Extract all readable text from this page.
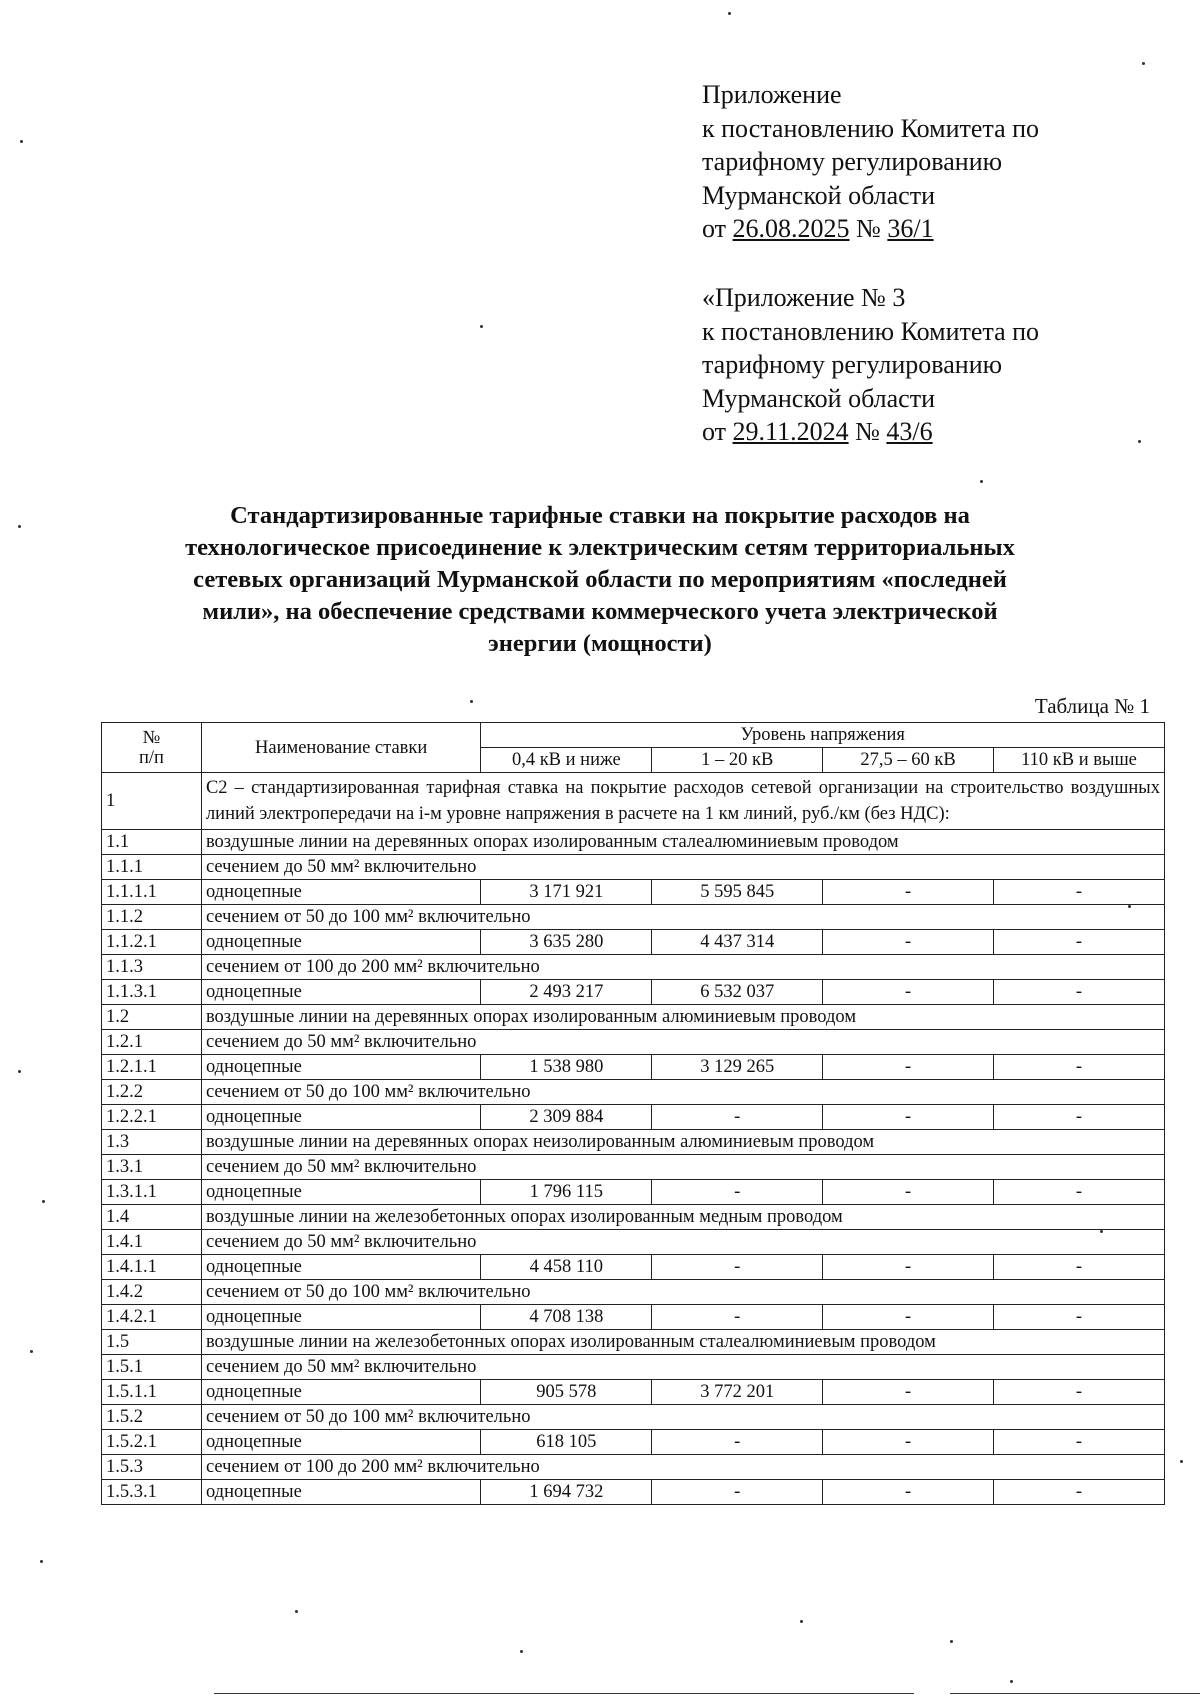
Приложение
к постановлению Комитета по
тарифному регулированию
Мурманской области
от 26.08.2025 № 36/1
«Приложение № 3
к постановлению Комитета по
тарифному регулированию
Мурманской области
от 29.11.2024 № 43/6
Стандартизированные тарифные ставки на покрытие расходов на
технологическое присоединение к электрическим сетям территориальных
сетевых организаций Мурманской области по мероприятиям «последней
мили», на обеспечение средствами коммерческого учета электрической
энергии (мощности)
Таблица № 1
№
п/п	Наименование ставки	Уровень напряжения			
		0,4 кВ и ниже	1 – 20 кВ	27,5 – 60 кВ	110 кВ и выше
1	С2 – стандартизированная тарифная ставка на покрытие расходов сетевой организации на строительство воздушных линий электропередачи на i-м уровне напряжения в расчете на 1 км линий, руб./км (без НДС):				
1.1	воздушные линии на деревянных опорах изолированным сталеалюминиевым проводом				
1.1.1	сечением до 50 мм² включительно				
1.1.1.1	одноцепные	3 171 921	5 595 845	-	-
1.1.2	сечением от 50 до 100 мм² включительно				
1.1.2.1	одноцепные	3 635 280	4 437 314	-	-
1.1.3	сечением от 100 до 200 мм² включительно				
1.1.3.1	одноцепные	2 493 217	6 532 037	-	-
1.2	воздушные линии на деревянных опорах изолированным алюминиевым проводом				
1.2.1	сечением до 50 мм² включительно				
1.2.1.1	одноцепные	1 538 980	3 129 265	-	-
1.2.2	сечением от 50 до 100 мм² включительно				
1.2.2.1	одноцепные	2 309 884	-	-	-
1.3	воздушные линии на деревянных опорах неизолированным алюминиевым проводом				
1.3.1	сечением до 50 мм² включительно				
1.3.1.1	одноцепные	1 796 115	-	-	-
1.4	воздушные линии на железобетонных опорах изолированным медным проводом				
1.4.1	сечением до 50 мм² включительно				
1.4.1.1	одноцепные	4 458 110	-	-	-
1.4.2	сечением от 50 до 100 мм² включительно				
1.4.2.1	одноцепные	4 708 138	-	-	-
1.5	воздушные линии на железобетонных опорах изолированным сталеалюминиевым проводом				
1.5.1	сечением до 50 мм² включительно				
1.5.1.1	одноцепные	905 578	3 772 201	-	-
1.5.2	сечением от 50 до 100 мм² включительно				
1.5.2.1	одноцепные	618 105	-	-	-
1.5.3	сечением от 100 до 200 мм² включительно				
1.5.3.1	одноцепные	1 694 732	-	-	-
